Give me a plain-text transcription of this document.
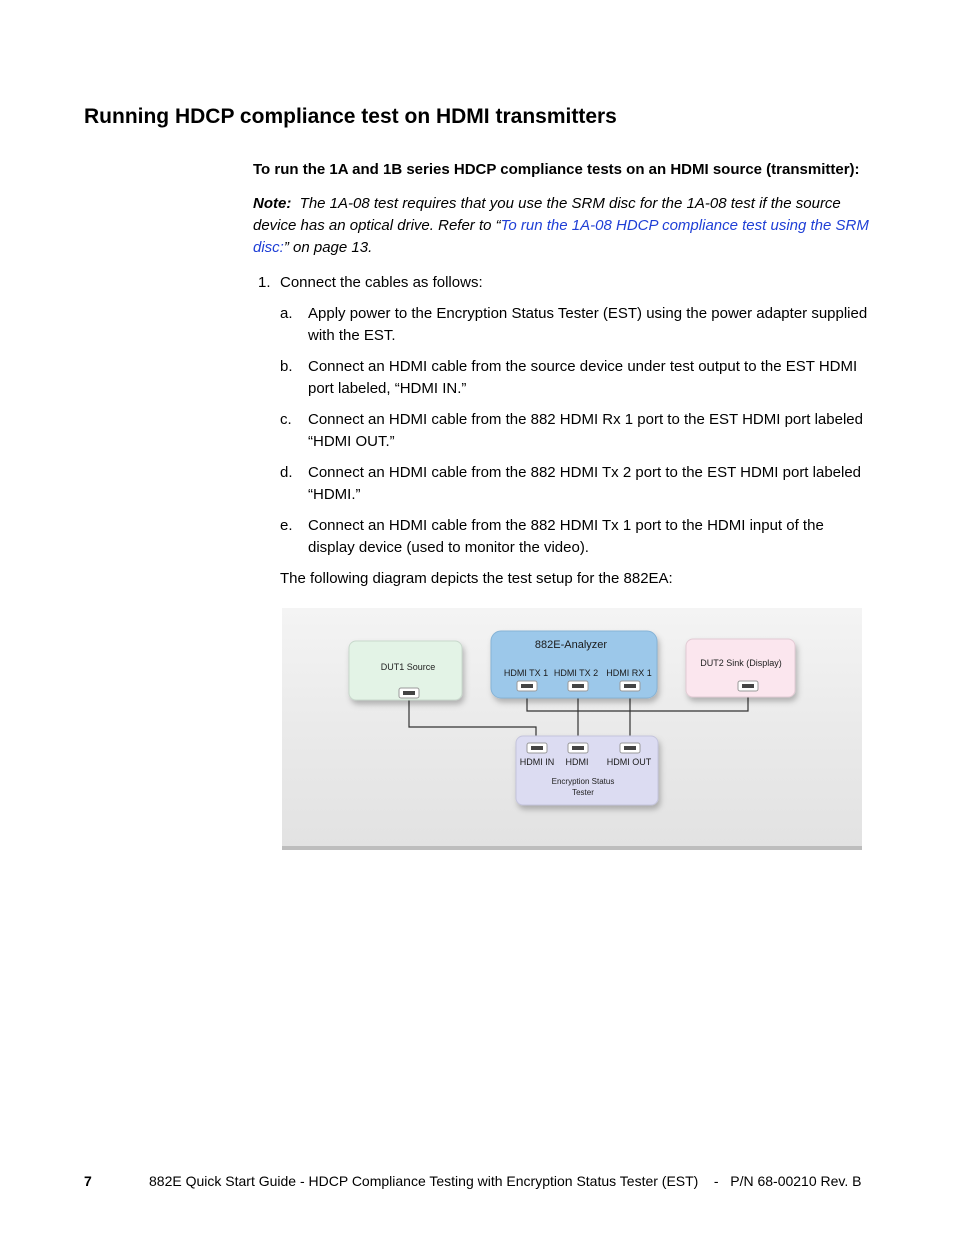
Running HDCP compliance test on HDMI transmitters
To run the 1A and 1B series HDCP compliance tests on an HDMI source (transmitter):
Note: The 1A-08 test requires that you use the SRM disc for the 1A-08 test if the source device has an optical drive. Refer to “To run the 1A-08 HDCP compliance test using the SRM disc:” on page 13.
1. Connect the cables as follows:
a. Apply power to the Encryption Status Tester (EST) using the power adapter supplied with the EST.
b. Connect an HDMI cable from the source device under test output to the EST HDMI port labeled, “HDMI IN.”
c. Connect an HDMI cable from the 882 HDMI Rx 1 port to the EST HDMI port labeled “HDMI OUT.”
d. Connect an HDMI cable from the 882 HDMI Tx 2 port to the EST HDMI port labeled “HDMI.”
e. Connect an HDMI cable from the 882 HDMI Tx 1 port to the HDMI input of the display device (used to monitor the video).
The following diagram depicts the test setup for the 882EA:
DUT1 Source
882E-Analyzer
HDMI TX 1 HDMI TX 2 HDMI RX 1
DUT2 Sink (Display)
HDMI IN HDMI HDMI OUT
Encryption Status
Tester
7	882E Quick Start Guide - HDCP Compliance Testing with Encryption Status Tester (EST)    -   P/N 68-00210 Rev. B
